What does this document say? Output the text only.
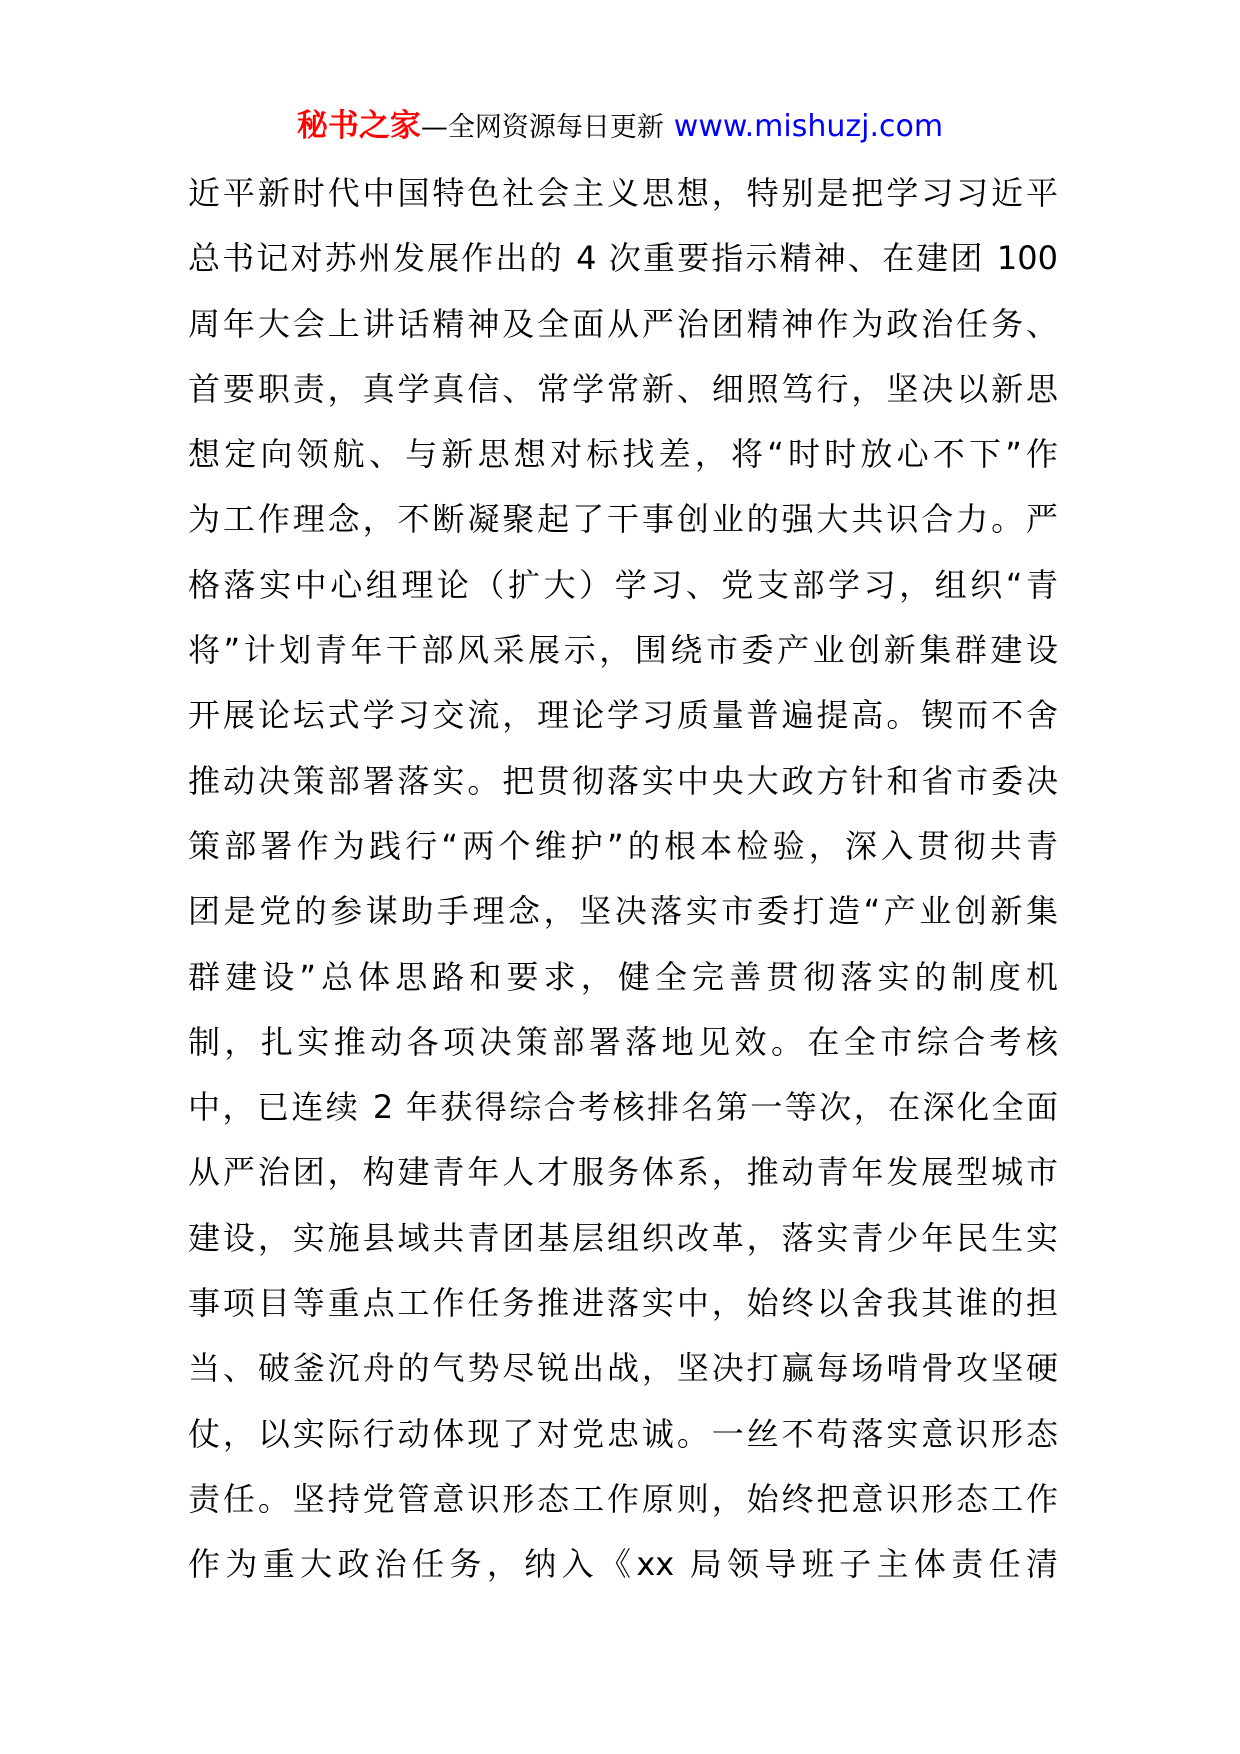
秘书之家—全网资源每日更新 www.mishuzj.com
近平新时代中国特色社会主义思想，特别是把学习习近平
总书记对苏州发展作出的 4 次重要指示精神、在建团 100
周年大会上讲话精神及全面从严治团精神作为政治任务、
首要职责，真学真信、常学常新、细照笃行，坚决以新思
想定向领航、与新思想对标找差，将“时时放心不下”作
为工作理念，不断凝聚起了干事创业的强大共识合力。严
格落实中心组理论（扩大）学习、党支部学习，组织“青
将”计划青年干部风采展示，围绕市委产业创新集群建设
开展论坛式学习交流，理论学习质量普遍提高。锲而不舍
推动决策部署落实。把贯彻落实中央大政方针和省市委决
策部署作为践行“两个维护”的根本检验，深入贯彻共青
团是党的参谋助手理念，坚决落实市委打造“产业创新集
群建设”总体思路和要求，健全完善贯彻落实的制度机
制，扎实推动各项决策部署落地见效。在全市综合考核
中，已连续 2 年获得综合考核排名第一等次，在深化全面
从严治团，构建青年人才服务体系，推动青年发展型城市
建设，实施县域共青团基层组织改革，落实青少年民生实
事项目等重点工作任务推进落实中，始终以舍我其谁的担
当、破釜沉舟的气势尽锐出战，坚决打赢每场啃骨攻坚硬
仗，以实际行动体现了对党忠诚。一丝不苟落实意识形态
责任。坚持党管意识形态工作原则，始终把意识形态工作
作为重大政治任务，纳入《xx 局领导班子主体责任清
